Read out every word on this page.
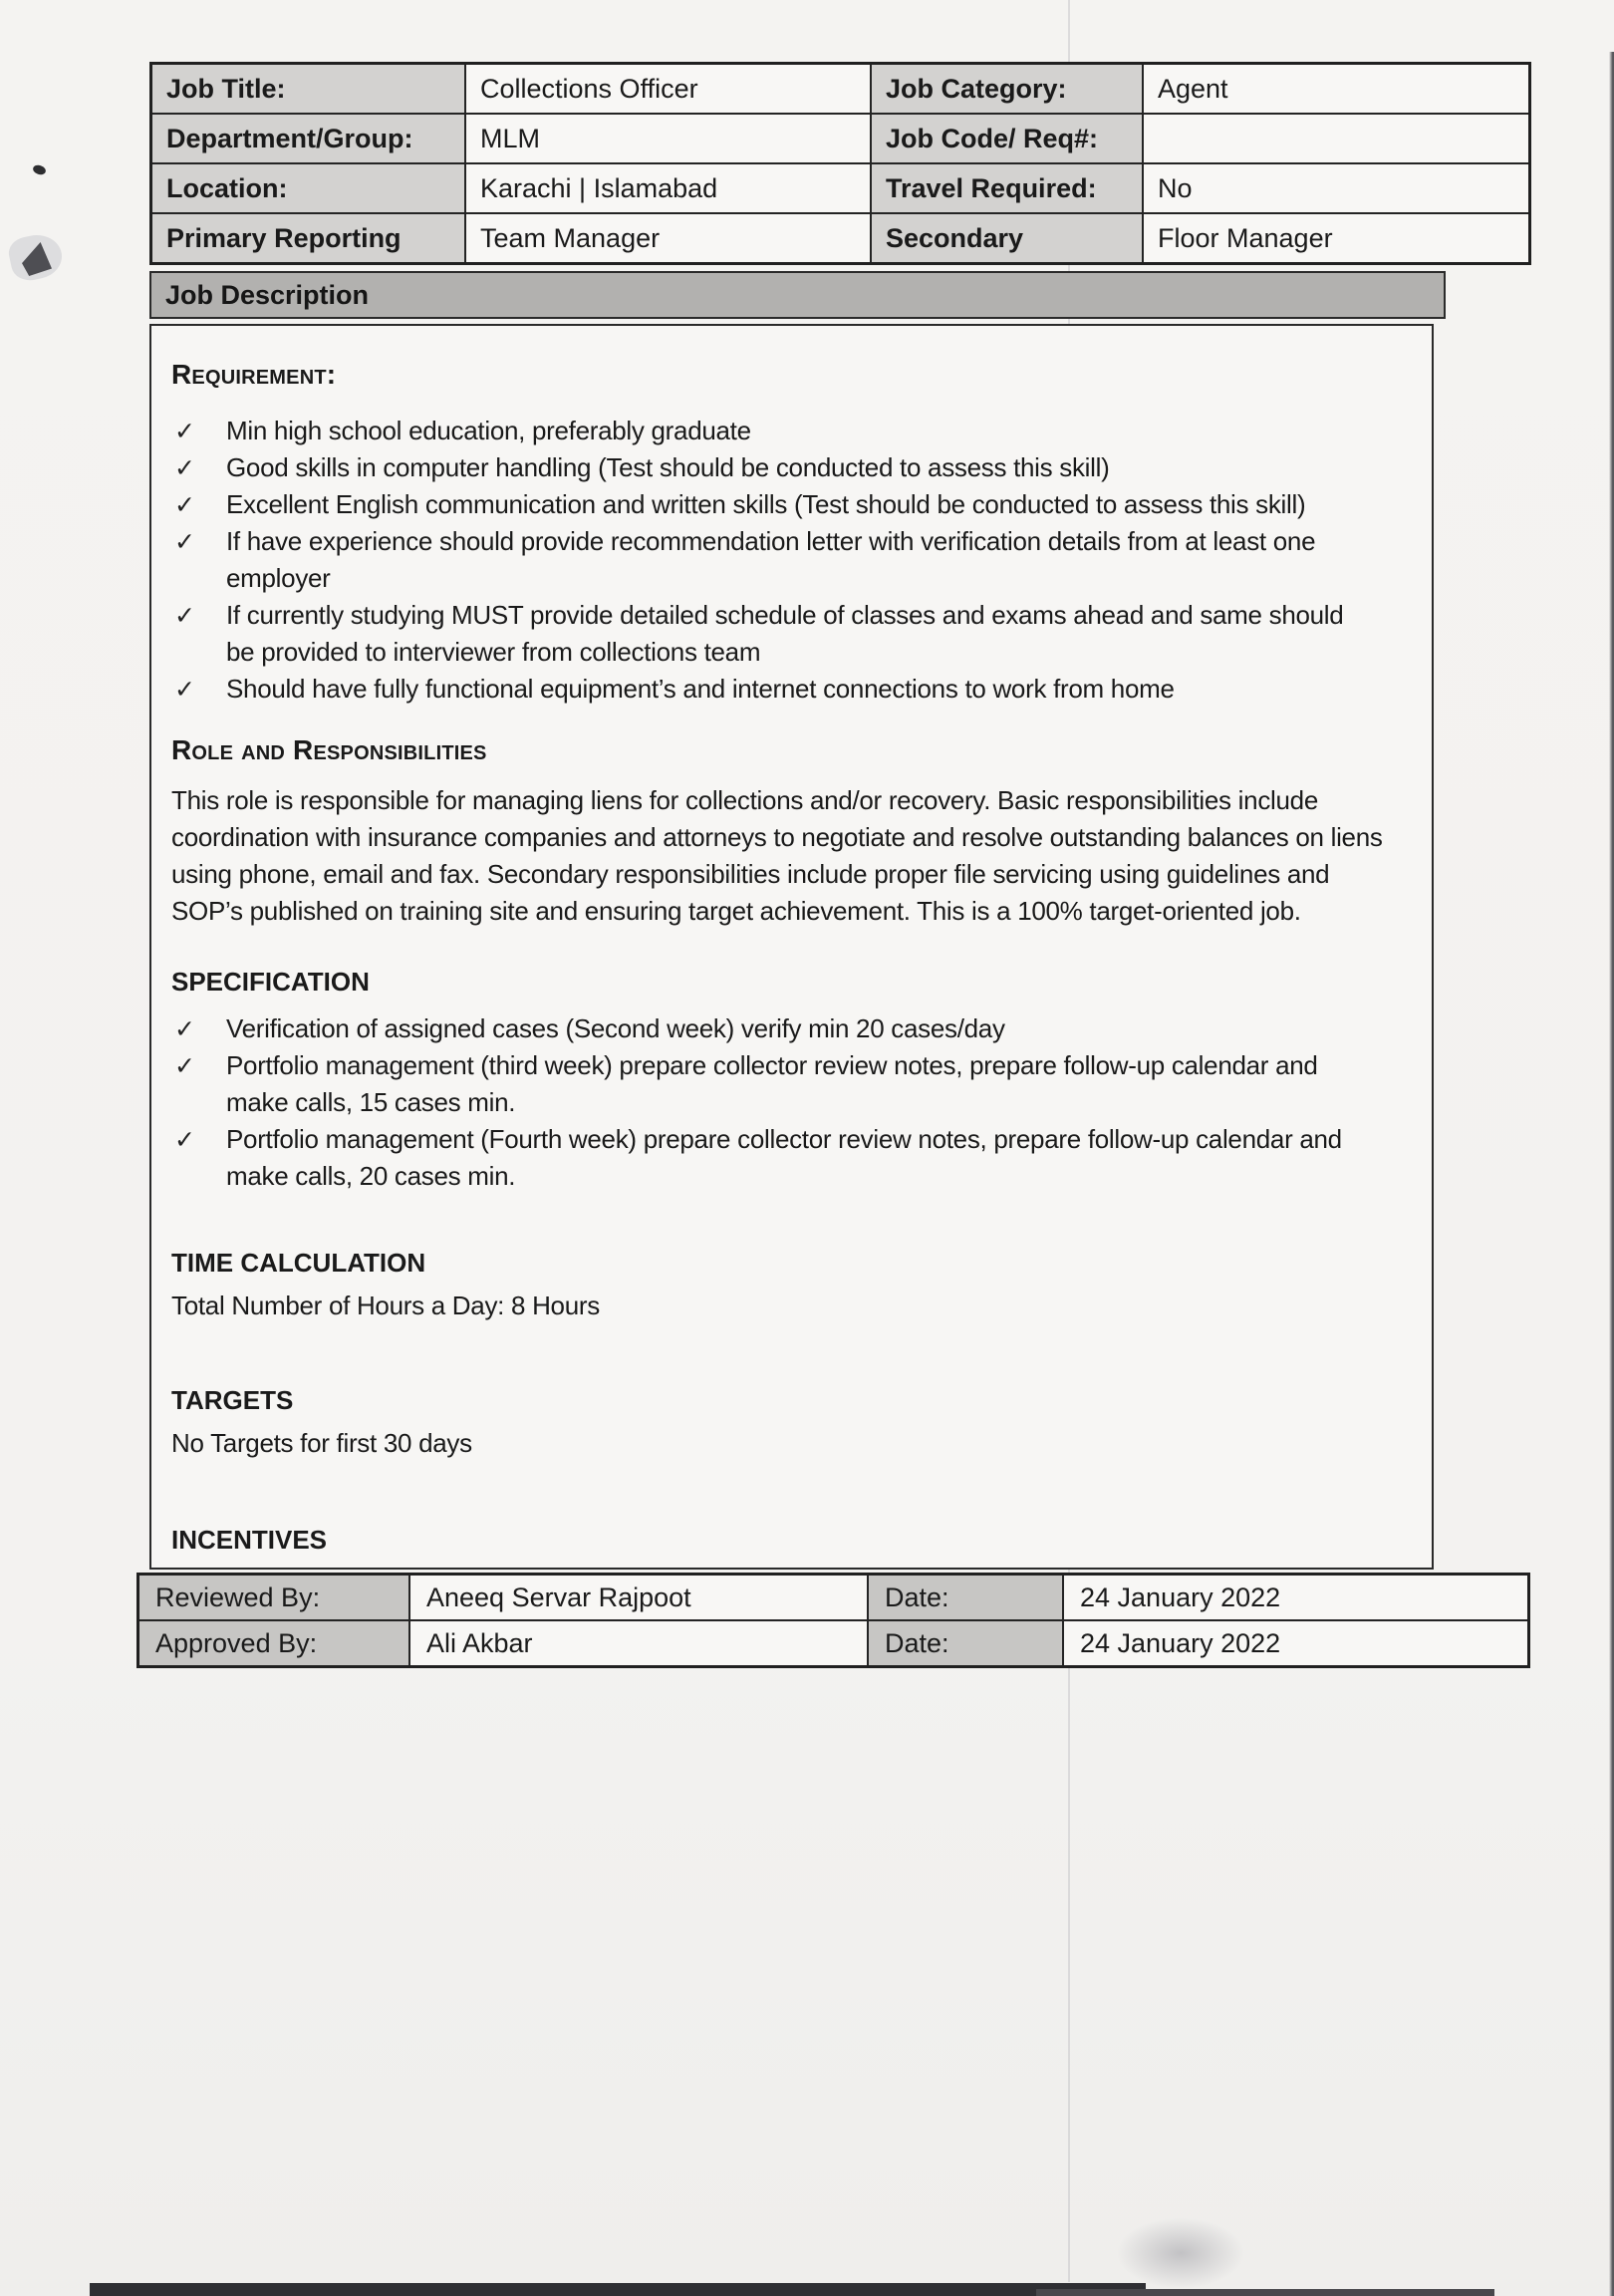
Job Title:	Collections Officer	Job Category:	Agent
Department/Group:	MLM	Job Code/ Req#:	
Location:	Karachi | Islamabad	Travel Required:	No
Primary Reporting	Team Manager	Secondary	Floor Manager
Job Description
Requirement:
✓	Min high school education, preferably graduate
✓	Good skills in computer handling (Test should be conducted to assess this skill)
✓	Excellent English communication and written skills (Test should be conducted to assess this skill)
✓	If have experience should provide recommendation letter with verification details from at least one employer
✓	If currently studying MUST provide detailed schedule of classes and exams ahead and same should be provided to interviewer from collections team
✓	Should have fully functional equipment’s and internet connections to work from home
Role and Responsibilities
This role is responsible for managing liens for collections and/or recovery. Basic responsibilities include coordination with insurance companies and attorneys to negotiate and resolve outstanding balances on liens using phone, email and fax. Secondary responsibilities include proper file servicing using guidelines and SOP’s published on training site and ensuring target achievement. This is a 100% target-oriented job.
SPECIFICATION
✓	Verification of assigned cases (Second week) verify min 20 cases/day
✓	Portfolio management (third week) prepare collector review notes, prepare follow-up calendar and make calls, 15 cases min.
✓	Portfolio management (Fourth week) prepare collector review notes, prepare follow-up calendar and make calls, 20 cases min.
TIME CALCULATION
Total Number of Hours a Day: 8 Hours
TARGETS
No Targets for first 30 days
INCENTIVES
Reviewed By:	Aneeq Servar Rajpoot	Date:	24 January 2022
Approved By:	Ali Akbar	Date:	24 January 2022
